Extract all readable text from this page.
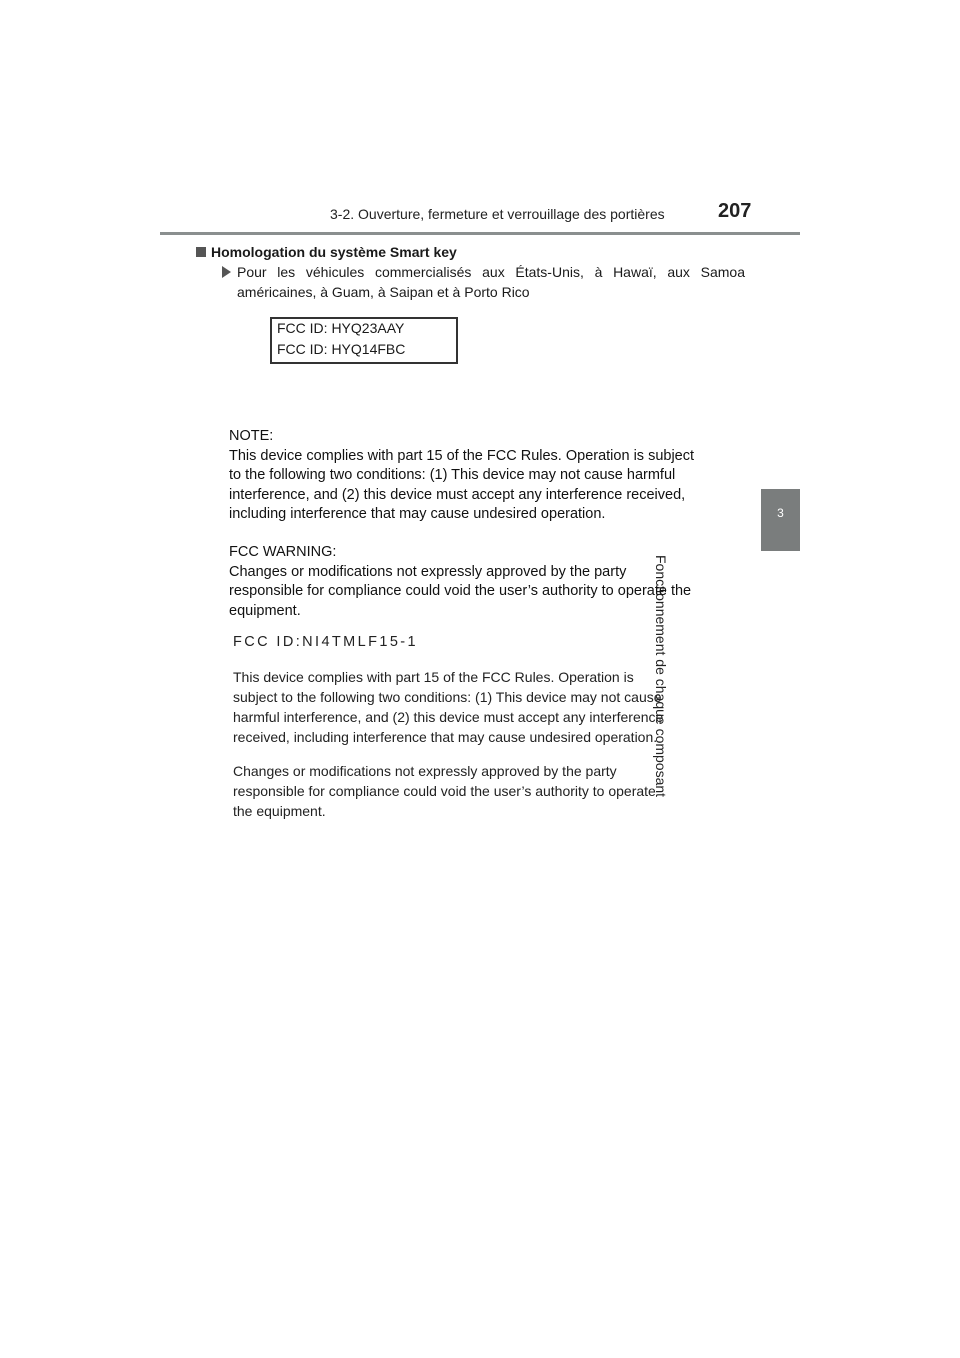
3-2. Ouverture, fermeture et verrouillage des portières	207
3
Fonctionnement de chaque composant
Homologation du système Smart key
Pour les véhicules commercialisés aux États-Unis, à Hawaï, aux Samoa américaines, à Guam, à Saipan et à Porto Rico
FCC ID: HYQ23AAY
FCC ID: HYQ14FBC

NOTE:

This device complies with part 15 of the FCC Rules. Operation is subject

to the following two conditions: (1) This device may not cause harmful

interference, and (2) this device must accept any interference received,

including interference that may cause undesired operation.

FCC WARNING:

Changes or modifications not expressly approved by the party

responsible for compliance could void the user’s authority to operate the

equipment.

FCC ID:NI4TMLF15-1

This device complies with part 15 of the FCC Rules. Operation is

subject to the following two conditions: (1) This device may not cause

harmful interference, and (2) this device must accept any interference

received, including interference that may cause undesired operation.

Changes or modifications not expressly approved by the party

responsible for compliance could void the user’s authority to operate

the equipment.
